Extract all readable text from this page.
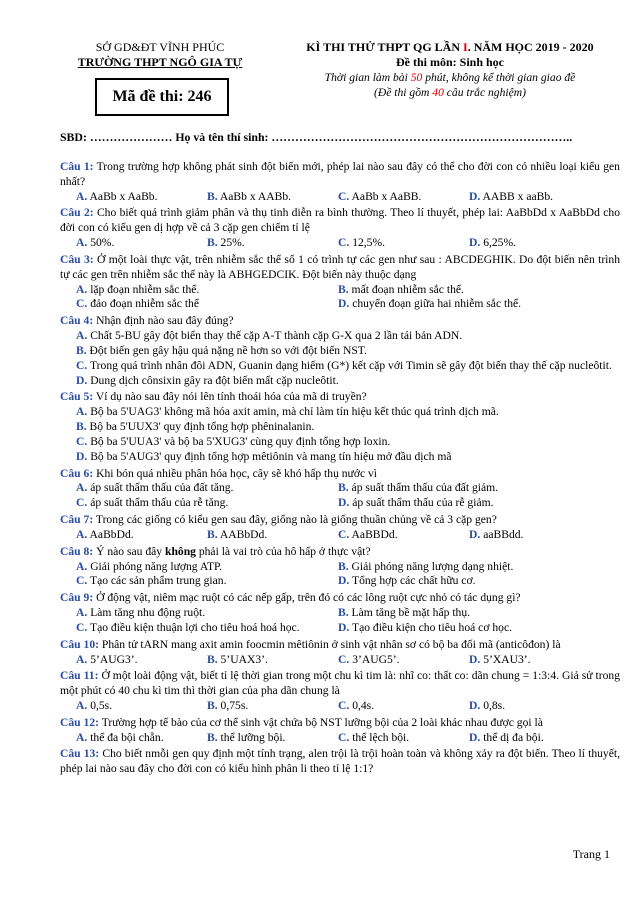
SỞ GD&ĐT VĨNH PHÚC
TRƯỜNG THPT NGÔ GIA TỰ
Mã đề thi: 246
KÌ THI THỬ THPT QG LẦN I. NĂM HỌC 2019 - 2020
Đề thi môn: Sinh học
Thời gian làm bài 50 phút, không kể thời gian giao đề
(Đề thi gồm 40 câu trắc nghiệm)
SBD: ………………… Họ và tên thí sinh: …………………………………………………………………..
Câu 1: Trong trường hợp không phát sinh đột biến mới, phép lai nào sau đây có thể cho đời con có nhiều loại kiểu gen nhất?
A. AaBb x AaBb.	B. AaBb x AABb.	C. AaBb x AaBB.	D. AABB x aaBb.
Câu 2: Cho biết quá trình giảm phân và thụ tinh diễn ra bình thường. Theo lí thuyết, phép lai: AaBbDd x AaBbDd cho đời con có kiểu gen dị hợp về cả 3 cặp gen chiếm tỉ lệ
A. 50%.	B. 25%.	C. 12,5%.	D. 6,25%.
Câu 3: Ở một loài thực vật, trên nhiễm sắc thể số 1 có trình tự các gen như sau : ABCDEGHIK. Do đột biến nên trình tự các gen trên nhiễm sắc thể này là ABHGEDCIK. Đột biến này thuộc dạng
A. lặp đoạn nhiễm sắc thể.	B. mất đoạn nhiễm sắc thể.
C. đảo đoạn nhiễm sắc thể	D. chuyển đoạn giữa hai nhiễm sắc thể.
Câu 4: Nhận định nào sau đây đúng?
A. Chất 5-BU gây đột biến thay thế cặp A-T thành cặp G-X qua 2 lần tái bản ADN.
B. Đột biến gen gây hậu quả nặng nề hơn so với đột biến NST.
C. Trong quá trình nhân đôi ADN, Guanin dạng hiếm (G*) kết cặp với Timin sẽ gây đột biến thay thế cặp nucleôtit.
D. Dung dịch cônsixin gây ra đột biến mất cặp nucleôtit.
Câu 5: Ví dụ nào sau đây nói lên tính thoái hóa của mã di truyền?
A. Bộ ba 5'UAG3' không mã hóa axit amin, mà chỉ làm tín hiệu kết thúc quá trình dịch mã.
B. Bộ ba 5'UUX3' quy định tổng hợp phêninalanin.
C. Bộ ba 5'UUA3' và bộ ba 5'XUG3' cùng quy định tổng hợp loxin.
D. Bộ ba 5'AUG3' quy định tổng hợp mêtiônin và mang tín hiệu mở đầu dịch mã
Câu 6: Khi bón quá nhiều phân hóa học, cây sẽ khó hấp thụ nước vì
A. áp suất thẩm thấu của đất tăng.	B. áp suất thẩm thấu của đất giảm.
C. áp suất thẩm thấu của rễ tăng.	D. áp suất thẩm thấu của rễ giảm.
Câu 7: Trong các giống có kiểu gen sau đây, giống nào là giống thuần chủng về cả 3 cặp gen?
A. AaBbDd.	B. AABbDd.	C. AaBBDd.	D. aaBBdd.
Câu 8: Ý nào sau đây không phải là vai trò của hô hấp ở thực vật?
A. Giải phóng năng lượng ATP.	B. Giải phóng năng lượng dạng nhiệt.
C. Tạo các sản phẩm trung gian.	D. Tổng hợp các chất hữu cơ.
Câu 9: Ở động vật, niêm mạc ruột có các nếp gấp, trên đó có các lông ruột cực nhỏ có tác dụng gì?
A. Làm tăng nhu động ruột.	B. Làm tăng bề mặt hấp thụ.
C. Tạo điều kiện thuận lợi cho tiêu hoá hoá học.	D. Tạo điều kiện cho tiêu hoá cơ học.
Câu 10: Phân tử tARN mang axit amin foocmin mêtiônin ở sinh vật nhân sơ có bộ ba đối mã (anticôđon) là
A. 5’AUG3’.	B. 5’UAX3’.	C. 3’AUG5’.	D. 5’XAU3’.
Câu 11: Ở một loài động vật, biết tỉ lệ thời gian trong một chu kì tim là: nhĩ co: thất co: dãn chung = 1:3:4. Giả sử trong một phút có 40 chu kì tim thì thời gian của pha dãn chung là
A. 0,5s.	B. 0,75s.	C. 0,4s.	D. 0,8s.
Câu 12: Trường hợp tế bào của cơ thể sinh vật chứa bộ NST lưỡng bội của 2 loài khác nhau được gọi là
A. thể đa bội chẵn.	B. thể lưỡng bội.	C. thể lệch bội.	D. thể dị đa bội.
Câu 13: Cho biết nmỗi gen quy định một tính trạng, alen trội là trội hoàn toàn và không xảy ra đột biến. Theo lí thuyết, phép lai nào sau đây cho đời con có kiểu hình phân li theo tỉ lệ 1:1?
Trang 1
